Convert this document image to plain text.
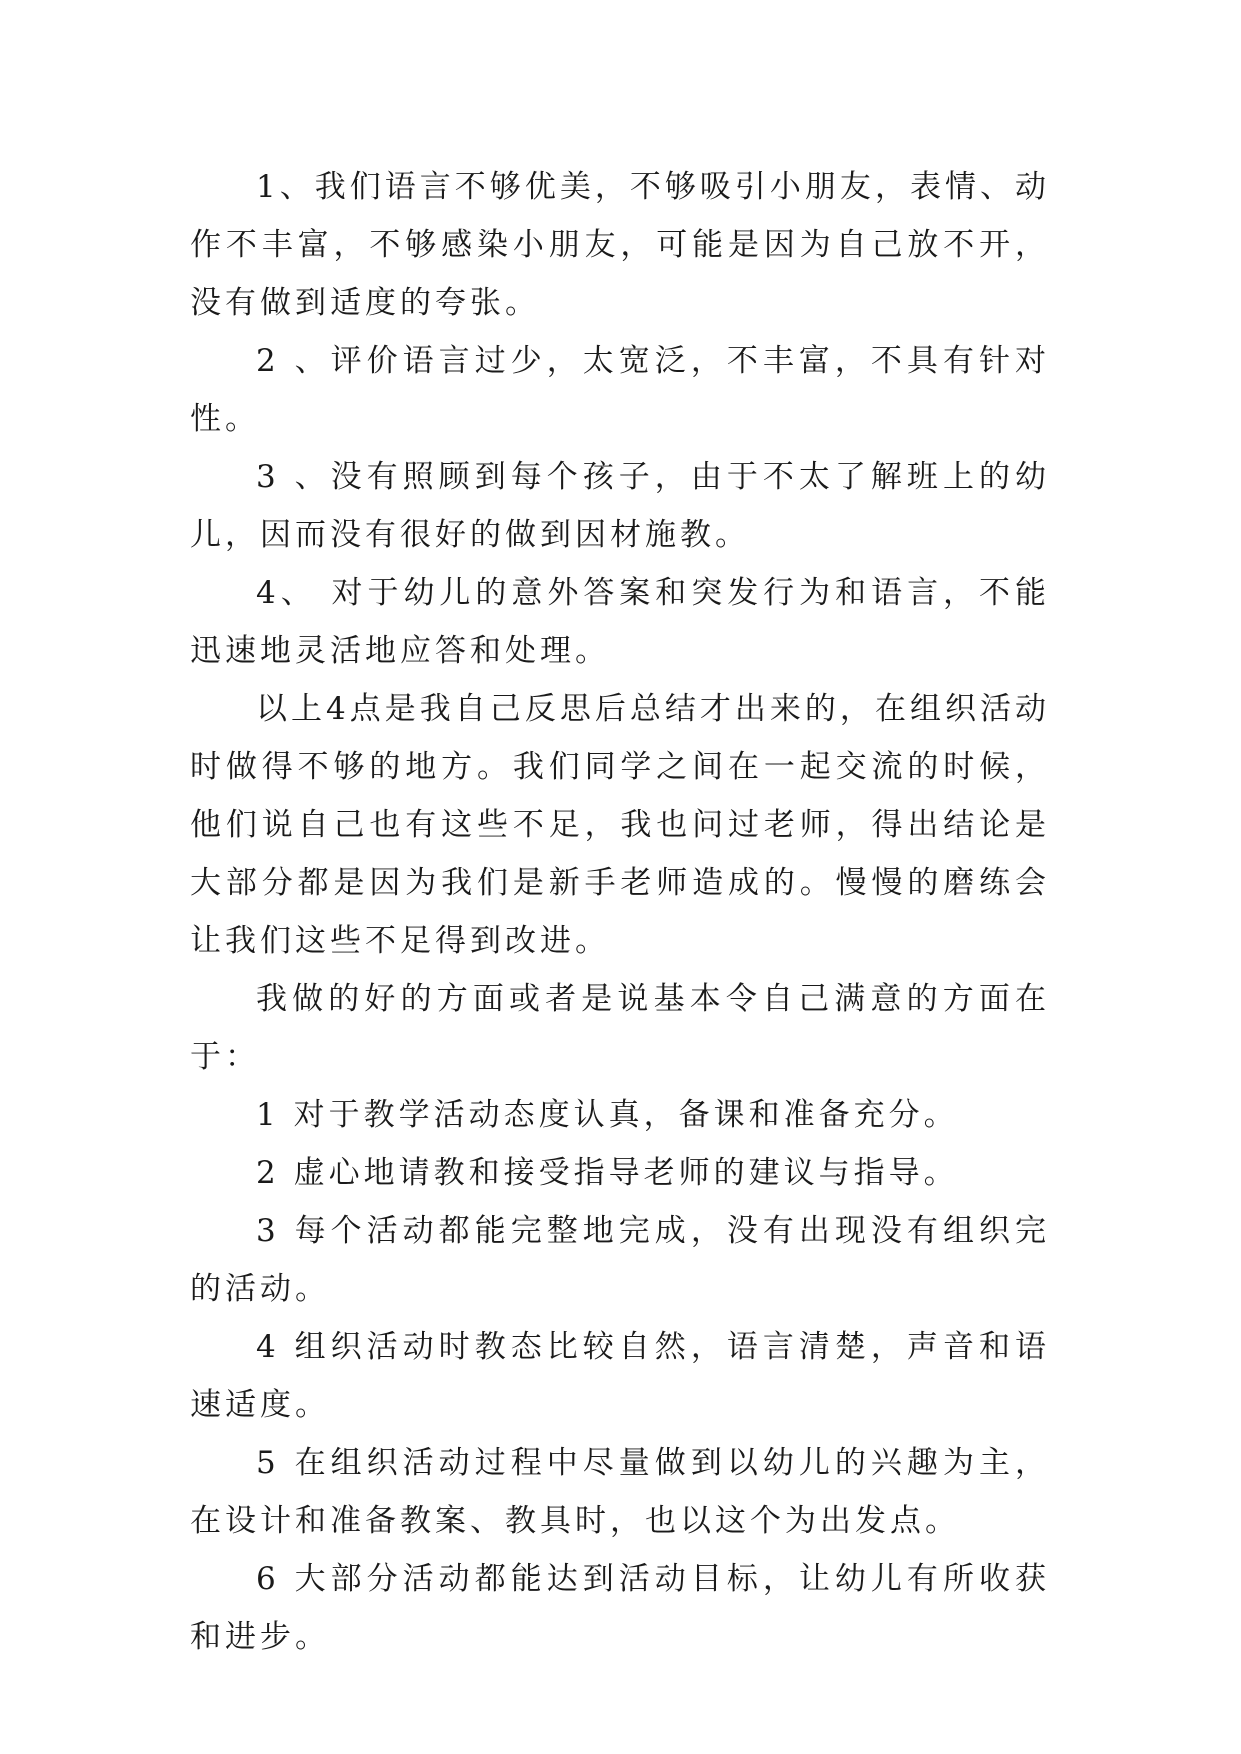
1、我们语言不够优美，不够吸引小朋友，表情、动作不丰富，不够感染小朋友，可能是因为自己放不开，没有做到适度的夸张。

2 、评价语言过少，太宽泛，不丰富，不具有针对性。

3 、没有照顾到每个孩子，由于不太了解班上的幼儿，因而没有很好的做到因材施教。

4、 对于幼儿的意外答案和突发行为和语言，不能迅速地灵活地应答和处理。

以上4点是我自己反思后总结才出来的，在组织活动时做得不够的地方。我们同学之间在一起交流的时候，他们说自己也有这些不足，我也问过老师，得出结论是大部分都是因为我们是新手老师造成的。慢慢的磨练会让我们这些不足得到改进。

我做的好的方面或者是说基本令自己满意的方面在于：

1 对于教学活动态度认真，备课和准备充分。

2 虚心地请教和接受指导老师的建议与指导。

3 每个活动都能完整地完成，没有出现没有组织完的活动。

4 组织活动时教态比较自然，语言清楚，声音和语速适度。

5 在组织活动过程中尽量做到以幼儿的兴趣为主，在设计和准备教案、教具时，也以这个为出发点。

6 大部分活动都能达到活动目标，让幼儿有所收获和进步。
